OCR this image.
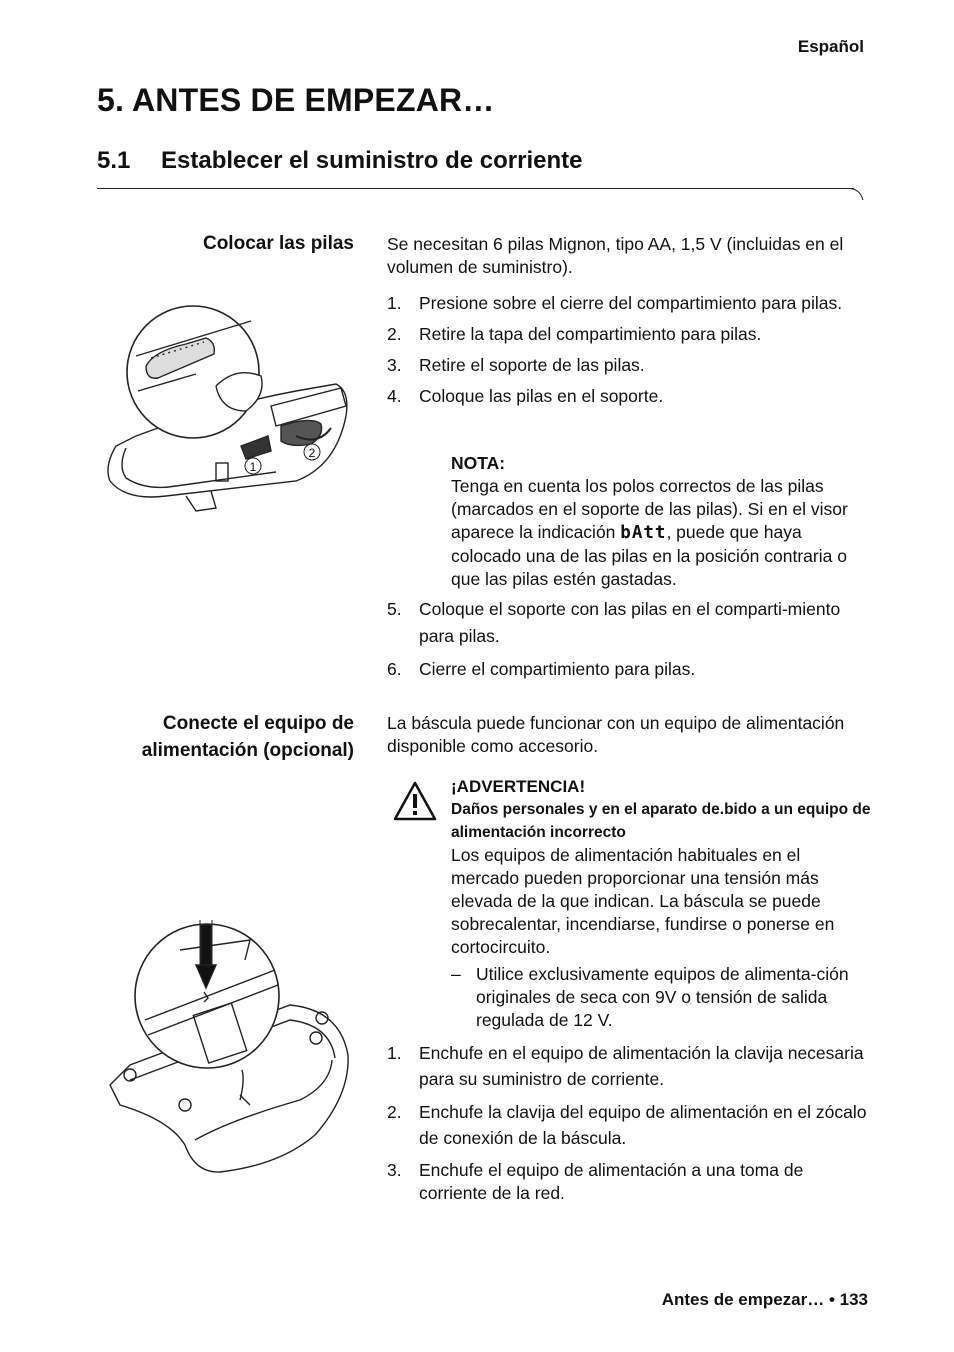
Español
5. ANTES DE EMPEZAR…
5.1 Establecer el suministro de corriente
Colocar las pilas Se necesitan 6 pilas Mignon, tipo AA, 1,5 V (incluidas en el volumen de suministro).
1. Presione sobre el cierre del compartimiento para pilas.
2. Retire la tapa del compartimiento para pilas.
3. Retire el soporte de las pilas.
4. Coloque las pilas en el soporte.
NOTA:
Tenga en cuenta los polos correctos de las pilas (marcados en el soporte de las pilas). Si en el visor aparece la indicación bAtt, puede que haya colocado una de las pilas en la posición contraria o que las pilas estén gastadas.
5. Coloque el soporte con las pilas en el comparti-miento para pilas.
6. Cierre el compartimiento para pilas.
1
2
Conecte el equipo de alimentación (opcional)
La báscula puede funcionar con un equipo de alimentación disponible como accesorio.
¡ADVERTENCIA!
Daños personales y en el aparato de.bido a un equipo de alimentación incorrecto
Los equipos de alimentación habituales en el mercado pueden proporcionar una tensión más elevada de la que indican. La báscula se puede sobrecalentar, incendiarse, fundirse o ponerse en cortocircuito.
– Utilice exclusivamente equipos de alimenta-ción originales de seca con 9V o tensión de salida regulada de 12 V.
1. Enchufe en el equipo de alimentación la clavija necesaria para su suministro de corriente.
2. Enchufe la clavija del equipo de alimentación en el zócalo de conexión de la báscula.
3. Enchufe el equipo de alimentación a una toma de corriente de la red.
Antes de empezar… • 133
